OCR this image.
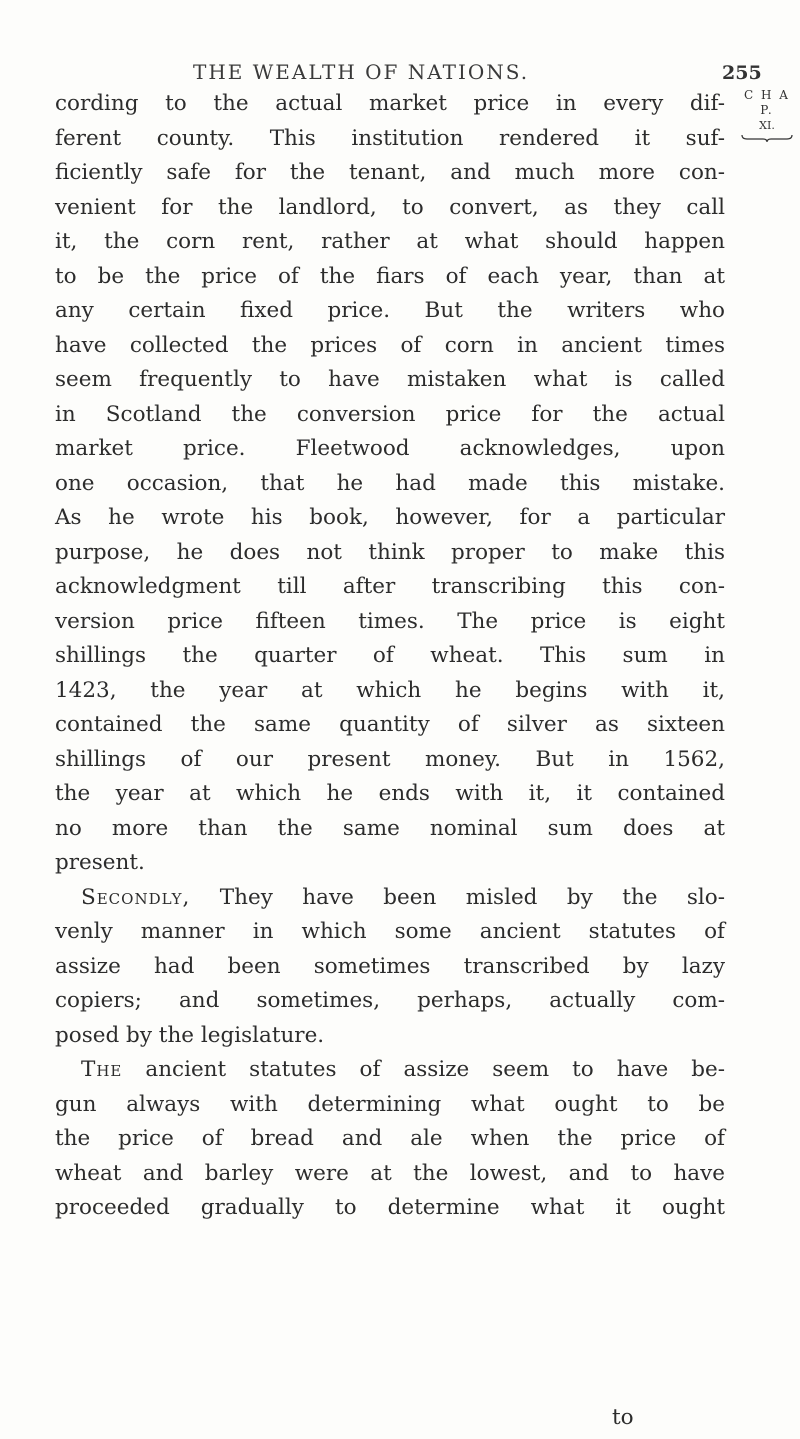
THE WEALTH OF NATIONS.	255
C H A P.
XI.
cording to the actual market price in every dif-
ferent county. This institution rendered it suf-
ficiently safe for the tenant, and much more con-
venient for the landlord, to convert, as they call
it, the corn rent, rather at what should happen
to be the price of the fiars of each year, than at
any certain fixed price. But the writers who
have collected the prices of corn in ancient times
seem frequently to have mistaken what is called
in Scotland the conversion price for the actual
market price. Fleetwood acknowledges, upon
one occasion, that he had made this mistake.
As he wrote his book, however, for a particular
purpose, he does not think proper to make this
acknowledgment till after transcribing this con-
version price fifteen times. The price is eight
shillings the quarter of wheat. This sum in
1423, the year at which he begins with it,
contained the same quantity of silver as sixteen
shillings of our present money. But in 1562,
the year at which he ends with it, it contained
no more than the same nominal sum does at
present.
Secondly, They have been misled by the slo-
venly manner in which some ancient statutes of
assize had been sometimes transcribed by lazy
copiers; and sometimes, perhaps, actually com-
posed by the legislature.
The ancient statutes of assize seem to have be-
gun always with determining what ought to be
the price of bread and ale when the price of
wheat and barley were at the lowest, and to have
proceeded gradually to determine what it ought
to
